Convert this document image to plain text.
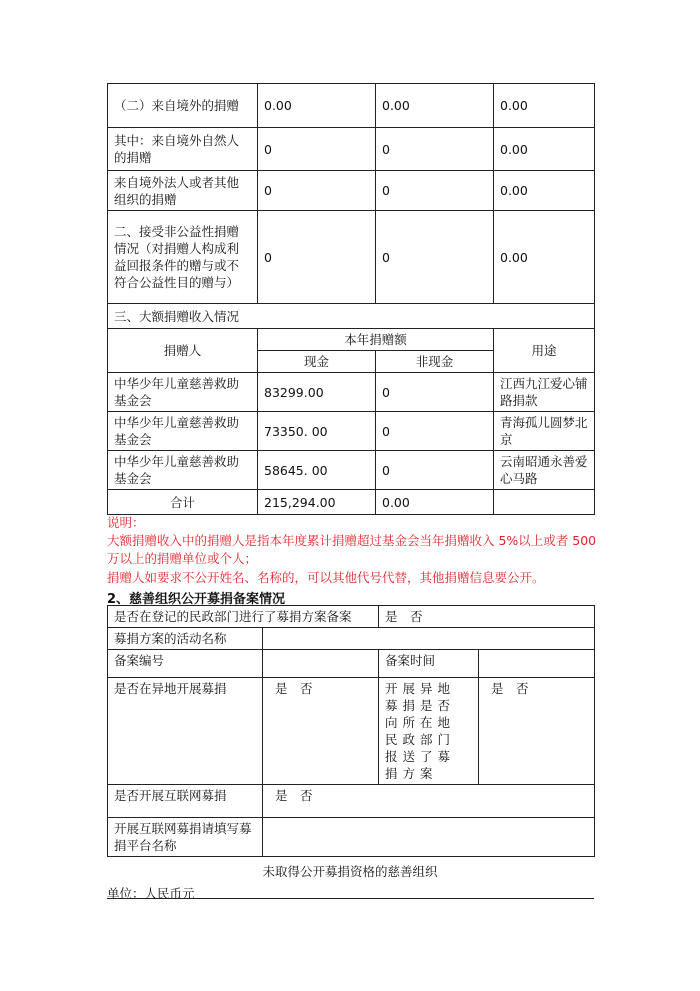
（二）来自境外的捐赠	0.00	0.00	0.00
其中：来自境外自然人的捐赠	0	0	0.00
来自境外法人或者其他组织的捐赠	0	0	0.00
二、接受非公益性捐赠情况（对捐赠人构成利益回报条件的赠与或不符合公益性目的赠与）	0	0	0.00
三、大额捐赠收入情况			
捐赠人	本年捐赠额		用途
	现金	非现金	
中华少年儿童慈善救助基金会	83299.00	0	江西九江爱心铺路捐款
中华少年儿童慈善救助基金会	73350. 00	0	青海孤儿圆梦北京
中华少年儿童慈善救助基金会	58645. 00	0	云南昭通永善爱心马路
合计	215,294.00	0.00	
说明：
大额捐赠收入中的捐赠人是指本年度累计捐赠超过基金会当年捐赠收入 5%以上或者 500 万以上的捐赠单位或个人；
捐赠人如要求不公开姓名、名称的，可以其他代号代替，其他捐赠信息要公开。
2、慈善组织公开募捐备案情况
是否在登记的民政部门进行了募捐方案备案		是　否	
募捐方案的活动名称			
备案编号		备案时间	
是否在异地开展募捐	是　否	开展异地募捐是否向所在地民政部门报送了募捐方案	是　否
是否开展互联网募捐	是　否		
开展互联网募捐请填写募捐平台名称			
未取得公开募捐资格的慈善组织
单位：人民币元
